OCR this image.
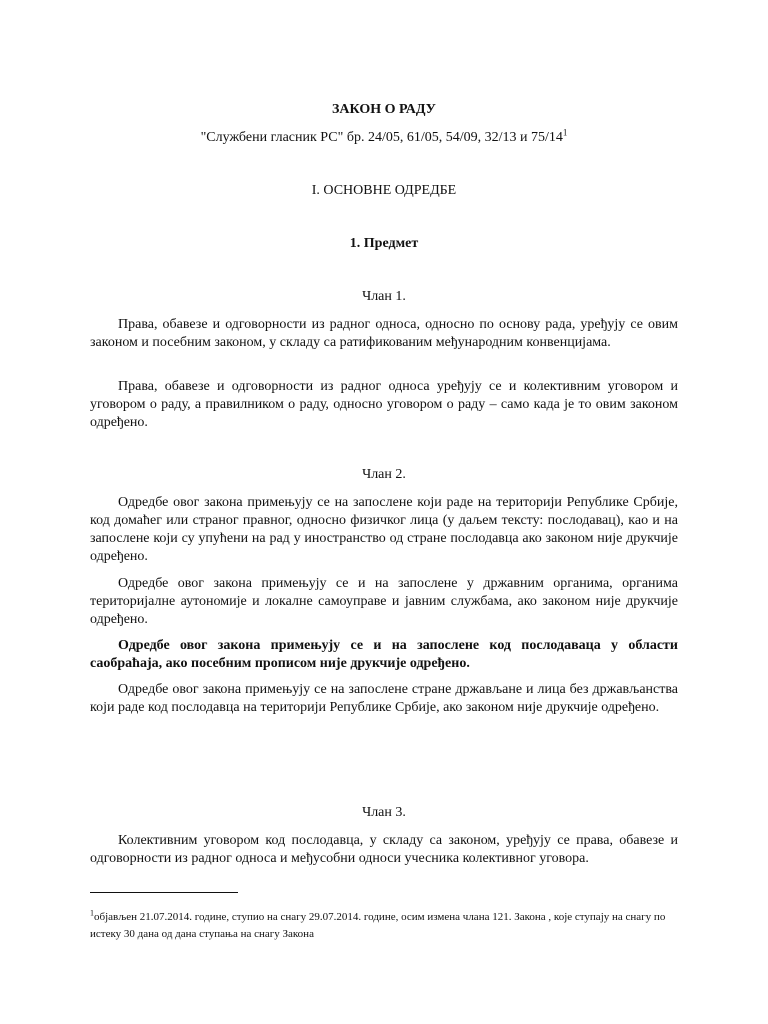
ЗАКОН О РАДУ

"Службени гласник РС" бр. 24/05, 61/05, 54/09, 32/13 и $75/14^1$

I. ОСНОВНЕ ОДРЕДБЕ

1. Предмет

Члан 1.

Права, обавезе и одговорности из радног односа, односно по основу рада, уређују се овим законом и посебним законом, у складу са ратификованим међународним конвенцијама.

Права, обавезе и одговорности из радног односа уређују се и колективним уговором и уговором о раду, а правилником о раду, односно уговором о раду – само када је то овим законом одређено.

Члан 2.

Одредбе овог закона примењују се на запослене који раде на територији Републике Србије, код домаћег или страног правног, односно физичког лица (у даљем тексту: послодавац), као и на запослене који су упућени на рад у иностранство од стране послодавца ако законом није друкчије одређено.

Одредбе овог закона примењују се и на запослене у државним органима, органима територијалне аутономије и локалне самоуправе и јавним службама, ако законом није друкчије одређено.

Одредбе овог закона примењују се и на запослене код послодаваца у области саобраћаја, ако посебним прописом није друкчије одређено.

Одредбе овог закона примењују се на запослене стране држављане и лица без држављанства који раде код послодавца на територији Републике Србије, ако законом није друкчије одређено.

Члан 3.

Колективним уговором код послодавца, у складу са законом, уређују се права, обавезе и одговорности из радног односа и међусобни односи учесника колективног уговора.

$^1$објављен 21.07.2014. године, ступио на снагу 29.07.2014. године, осим измена члана 121. Закона , које ступају на снагу по истеку 30 дана од дана ступања на снагу Закона
